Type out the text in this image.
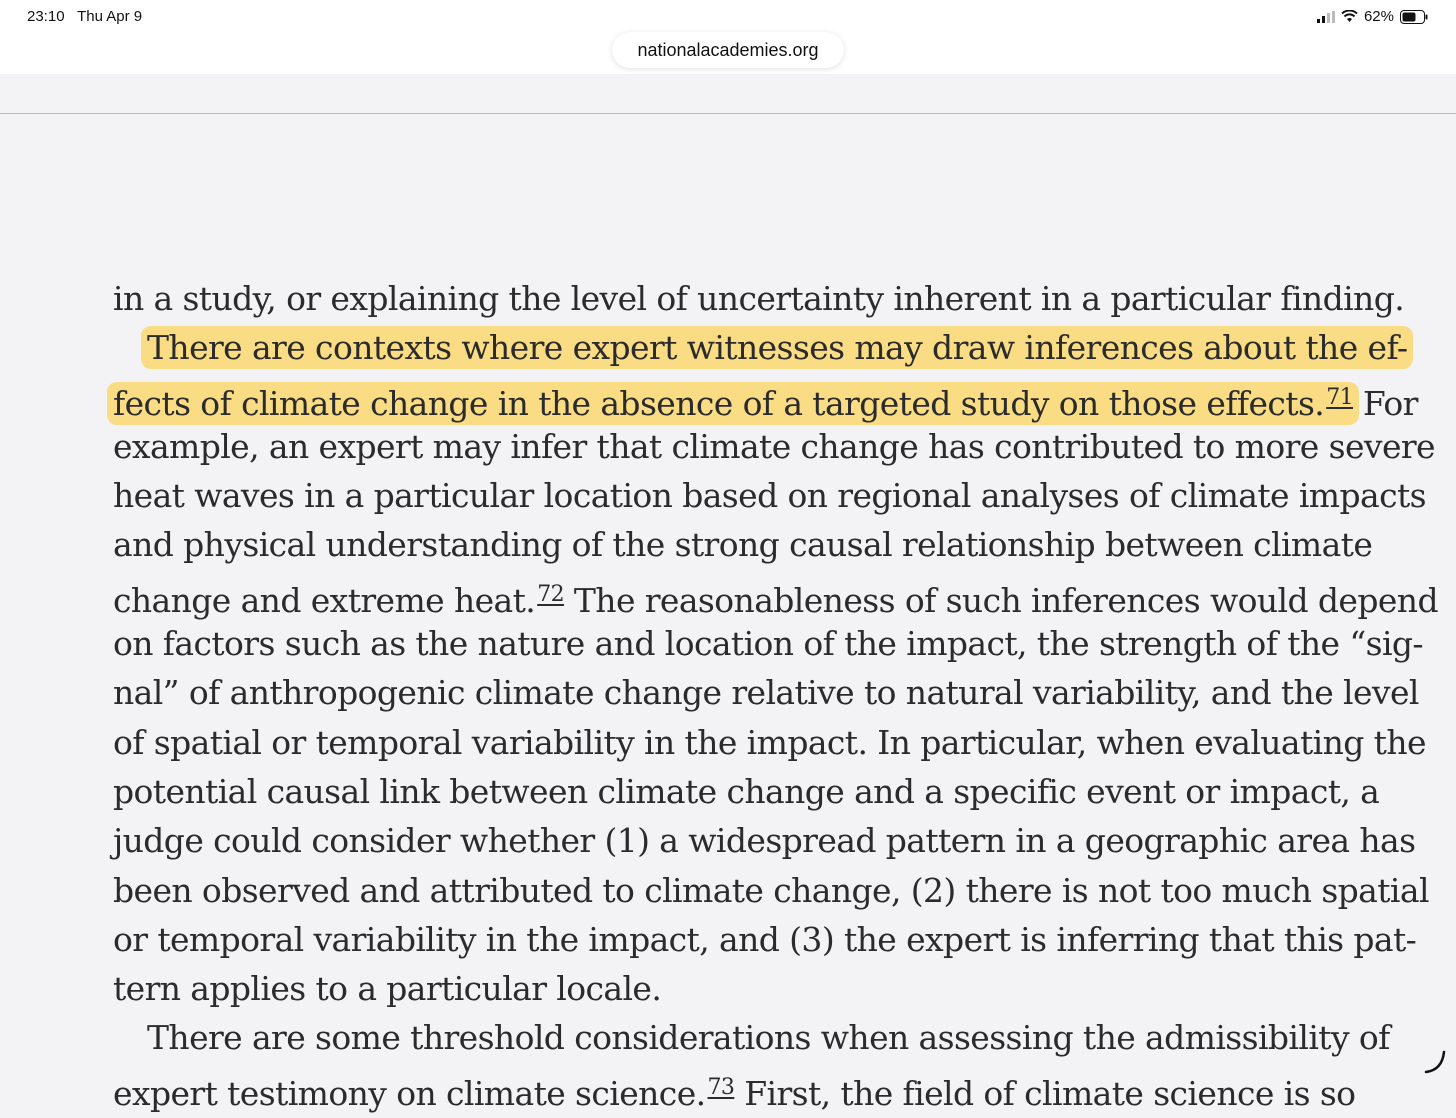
23:10 Thu Apr 9	62%
nationalacademies.org
in a study, or explaining the level of uncertainty inherent in a particular finding.
There are contexts where expert witnesses may draw inferences about the ef-
fects of climate change in the absence of a targeted study on those effects.$^{71}$ For
example, an expert may infer that climate change has contributed to more severe
heat waves in a particular location based on regional analyses of climate impacts
and physical understanding of the strong causal relationship between climate
change and extreme heat.$^{72}$ The reasonableness of such inferences would depend
on factors such as the nature and location of the impact, the strength of the “sig-
nal” of anthropogenic climate change relative to natural variability, and the level
of spatial or temporal variability in the impact. In particular, when evaluating the
potential causal link between climate change and a specific event or impact, a
judge could consider whether (1) a widespread pattern in a geographic area has
been observed and attributed to climate change, (2) there is not too much spatial
or temporal variability in the impact, and (3) the expert is inferring that this pat-
tern applies to a particular locale.
There are some threshold considerations when assessing the admissibility of
expert testimony on climate science.$^{73}$ First, the field of climate science is so
